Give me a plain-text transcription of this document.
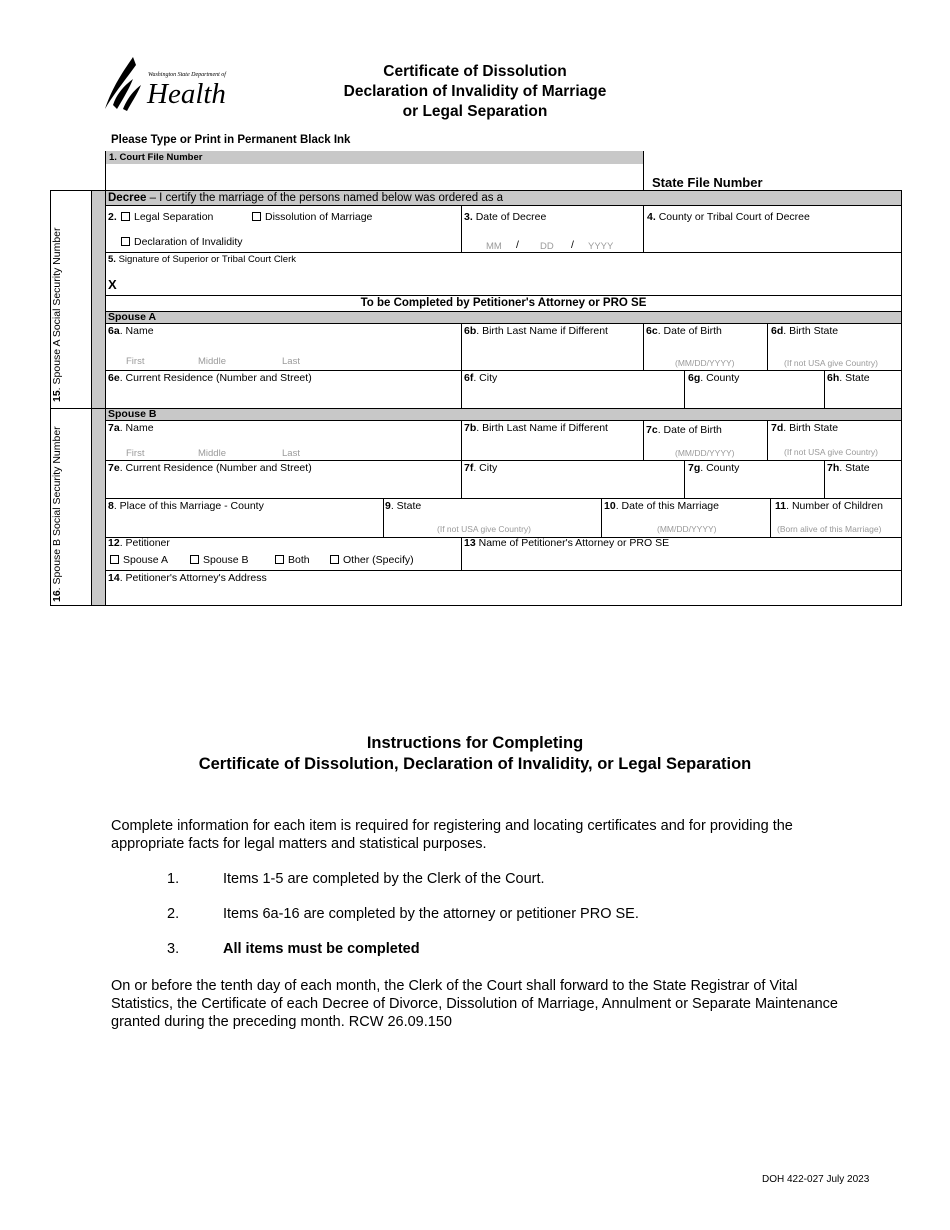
Washington State Department of
Health
Certificate of Dissolution
Declaration of Invalidity of Marriage
or Legal Separation
Please Type or Print in Permanent Black Ink
1. Court File Number
State File Number
15. Spouse A Social Security Number
16. Spouse B Social Security Number
Decree – I certify the marriage of the persons named below was ordered as a
2.	Legal Separation	Dissolution of Marriage
Declaration of Invalidity
3. Date of Decree
MM / DD / YYYY
4. County or Tribal Court of Decree
5. Signature of Superior or Tribal Court Clerk
X
To be Completed by Petitioner's Attorney or PRO SE
Spouse A
6a. Name
First	Middle	Last
6b. Birth Last Name if Different	6c. Date of Birth
(MM/DD/YYYY)
6d. Birth State
(If not USA give Country)
6e. Current Residence (Number and Street)	6f. City	6g. County	6h. State
Spouse B
7a. Name
First	Middle	Last
7b. Birth Last Name if Different	7c. Date of Birth
(MM/DD/YYYY)
7d. Birth State
(If not USA give Country)
7e. Current Residence (Number and Street)	7f. City	7g. County	7h. State
8. Place of this Marriage - County	9. State
(If not USA give Country)
10. Date of this Marriage
(MM/DD/YYYY)
11. Number of Children
(Born alive of this Marriage)
12. Petitioner
Spouse A	Spouse B	Both	Other (Specify)
13 Name of Petitioner's Attorney or PRO SE
14. Petitioner's Attorney's Address
Instructions for Completing
Certificate of Dissolution, Declaration of Invalidity, or Legal Separation
Complete information for each item is required for registering and locating certificates and for providing the appropriate facts for legal matters and statistical purposes.
1.	Items 1-5 are completed by the Clerk of the Court.
2.	Items 6a-16 are completed by the attorney or petitioner PRO SE.
3.	All items must be completed
On or before the tenth day of each month, the Clerk of the Court shall forward to the State Registrar of Vital Statistics, the Certificate of each Decree of Divorce, Dissolution of Marriage, Annulment or Separate Maintenance granted during the preceding month. RCW 26.09.150
DOH 422-027 July 2023
